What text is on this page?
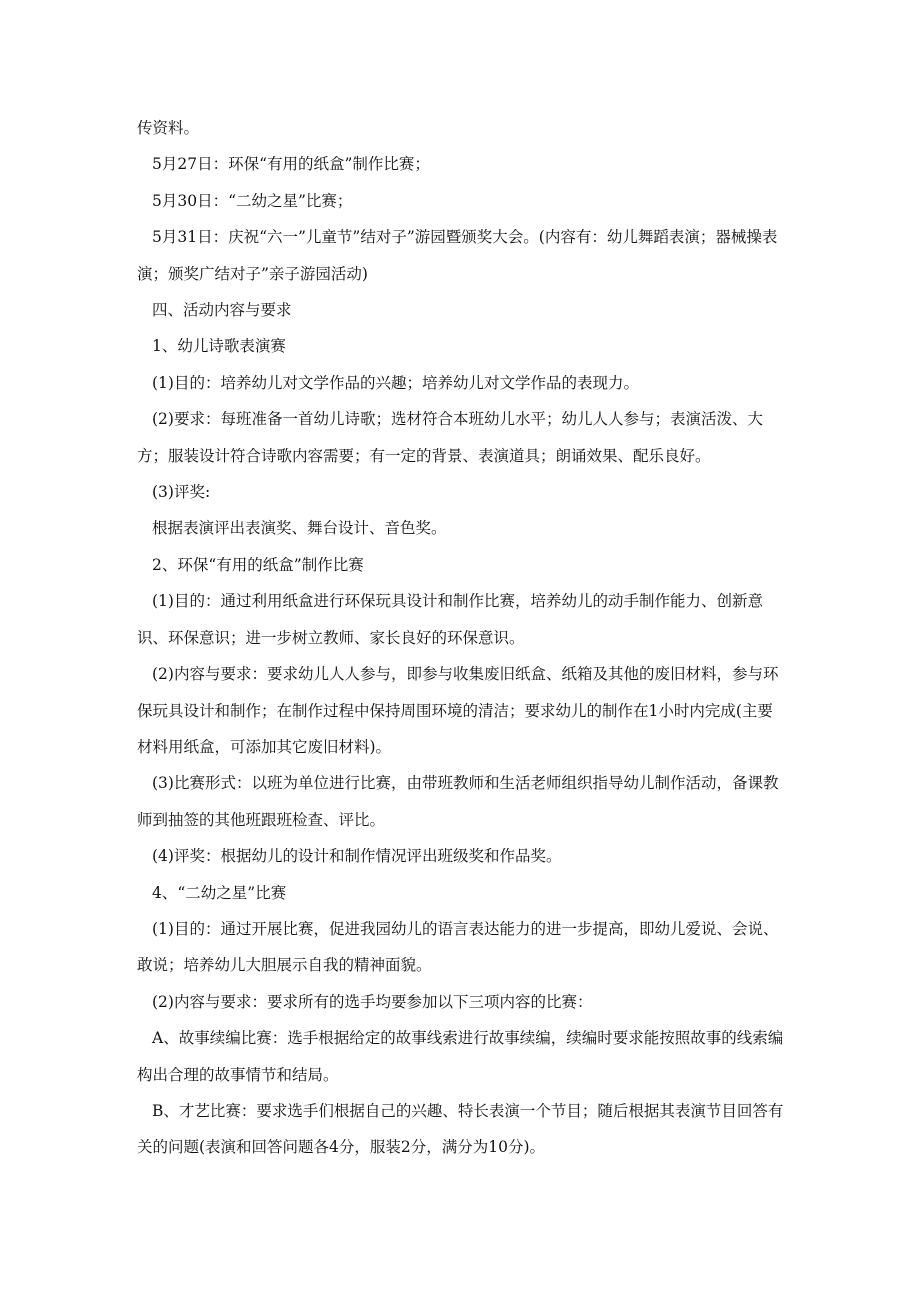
传资料。

5月27日：环保“有用的纸盒”制作比赛；

5月30日：“二幼之星”比赛；

5月31日：庆祝“六一”儿童节”结对子”游园暨颁奖大会。(内容有：幼儿舞蹈表演；器械操表演；颁奖广结对子”亲子游园活动)

四、活动内容与要求

1、幼儿诗歌表演赛

(1)目的：培养幼儿对文学作品的兴趣；培养幼儿对文学作品的表现力。

(2)要求：每班准备一首幼儿诗歌；选材符合本班幼儿水平；幼儿人人参与；表演活泼、大方；服装设计符合诗歌内容需要；有一定的背景、表演道具；朗诵效果、配乐良好。

(3)评奖:

根据表演评出表演奖、舞台设计、音色奖。

2、环保“有用的纸盒”制作比赛

(1)目的：通过利用纸盒进行环保玩具设计和制作比赛，培养幼儿的动手制作能力、创新意识、环保意识；进一步树立教师、家长良好的环保意识。

(2)内容与要求：要求幼儿人人参与，即参与收集废旧纸盒、纸箱及其他的废旧材料，参与环保玩具设计和制作；在制作过程中保持周围环境的清洁；要求幼儿的制作在1小时内完成(主要材料用纸盒，可添加其它废旧材料)。

(3)比赛形式：以班为单位进行比赛，由带班教师和生活老师组织指导幼儿制作活动，备课教师到抽签的其他班跟班检查、评比。

(4)评奖：根据幼儿的设计和制作情况评出班级奖和作品奖。

4、“二幼之星”比赛

(1)目的：通过开展比赛，促进我园幼儿的语言表达能力的进一步提高，即幼儿爱说、会说、敢说；培养幼儿大胆展示自我的精神面貌。

(2)内容与要求：要求所有的选手均要参加以下三项内容的比赛：

A、故事续编比赛：选手根据给定的故事线索进行故事续编，续编时要求能按照故事的线索编构出合理的故事情节和结局。

B、才艺比赛：要求选手们根据自己的兴趣、特长表演一个节目；随后根据其表演节目回答有关的问题(表演和回答问题各4分，服装2分，满分为10分)。
